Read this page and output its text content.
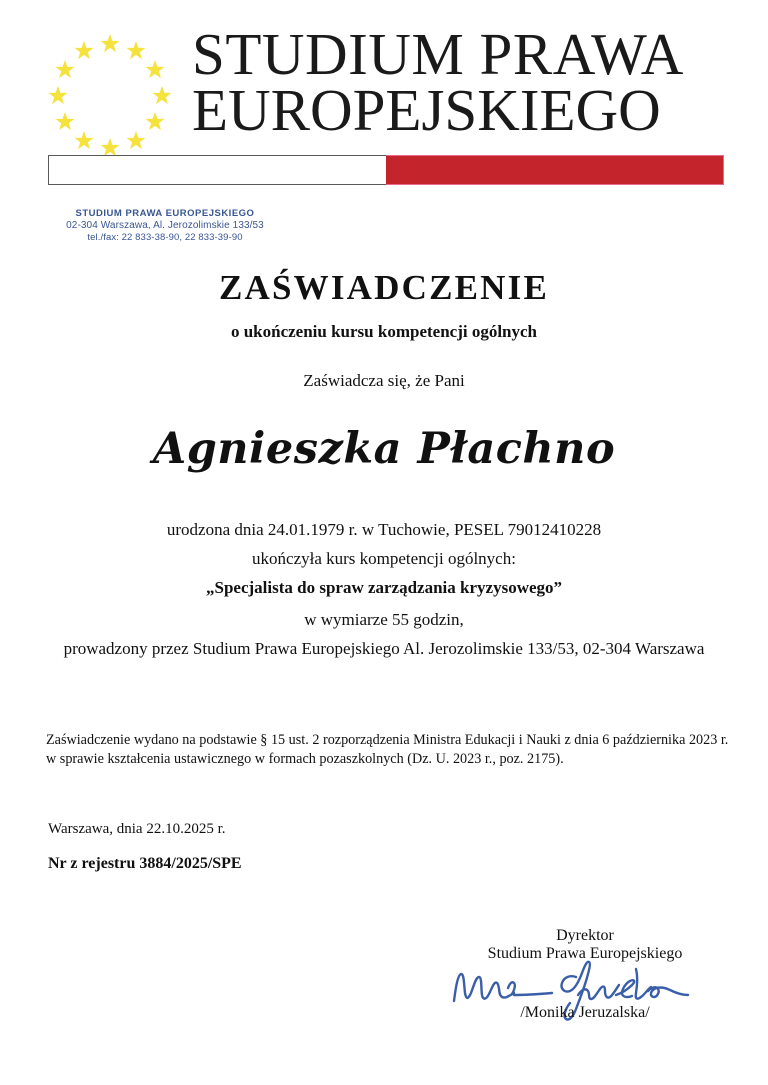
STUDIUM PRAWA
EUROPEJSKIEGO
STUDIUM PRAWA EUROPEJSKIEGO
02-304 Warszawa, Al. Jerozolimskie 133/53
tel./fax: 22 833-38-90, 22 833-39-90
ZAŚWIADCZENIE
o ukończeniu kursu kompetencji ogólnych
Zaświadcza się, że Pani
Agnieszka Płachno
urodzona dnia 24.01.1979 r. w Tuchowie, PESEL 79012410228
ukończyła kurs kompetencji ogólnych:
„Specjalista do spraw zarządzania kryzysowego”
w wymiarze 55 godzin,
prowadzony przez Studium Prawa Europejskiego Al. Jerozolimskie 133/53, 02-304 Warszawa
Zaświadczenie wydano na podstawie § 15 ust. 2 rozporządzenia Ministra Edukacji i Nauki z dnia 6 października 2023 r.
w sprawie kształcenia ustawicznego w formach pozaszkolnych (Dz. U. 2023 r., poz. 2175).
Warszawa, dnia 22.10.2025 r.
Nr z rejestru 3884/2025/SPE
Dyrektor
Studium Prawa Europejskiego
/Monika Jeruzalska/
